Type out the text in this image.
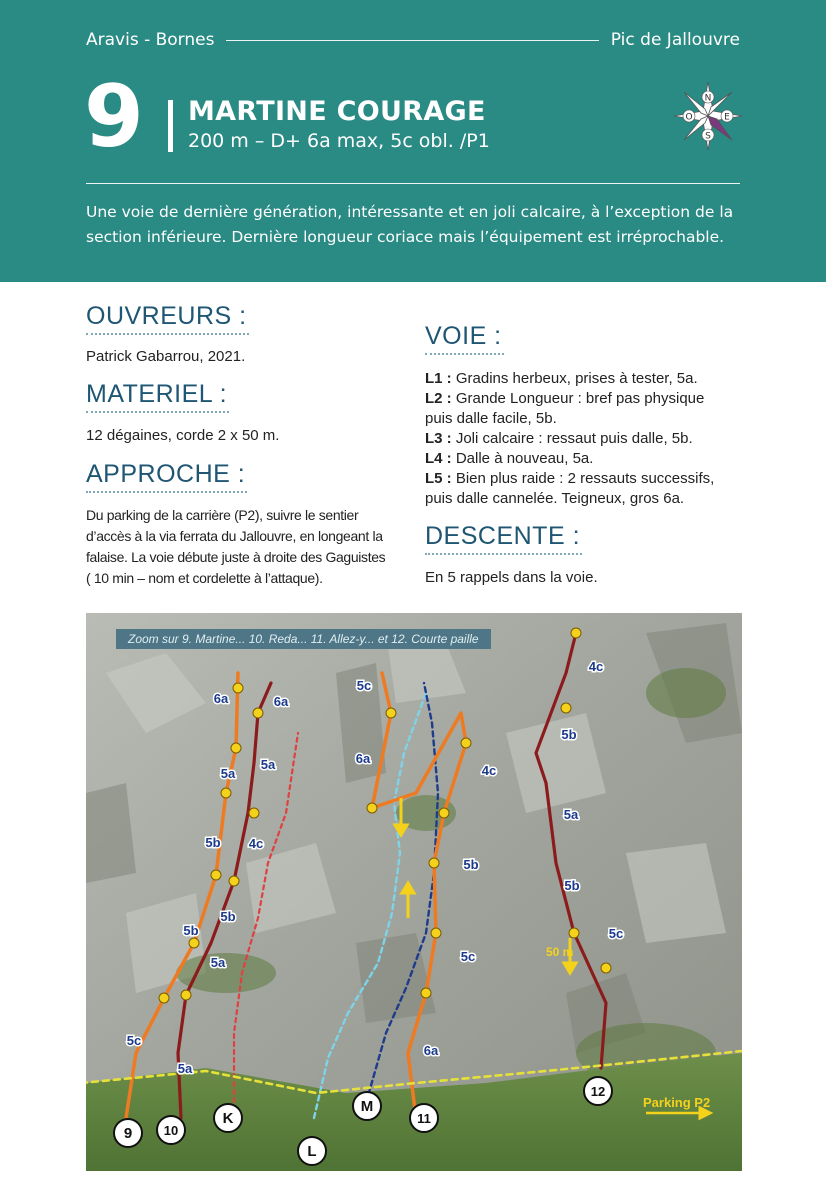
Aravis - Bornes	Pic de Jallouvre
9 MARTINE COURAGE
200 m – D+ 6a max, 5c obl. /P1
N
O	E
S
Une voie de dernière génération, intéressante et en joli calcaire, à l’exception de la section inférieure. Dernière longueur coriace mais l’équipement est irréprochable.
OUVREURS :
Patrick Gabarrou, 2021.
MATERIEL :
12 dégaines, corde 2 x 50 m.
APPROCHE :
Du parking de la carrière (P2), suivre le sentier
d’accès à la via ferrata du Jallouvre, en longeant la
falaise. La voie débute juste à droite des Gaguistes
( 10 min – nom et cordelette à l’attaque).
VOIE :
L1 : Gradins herbeux, prises à tester, 5a.
L2 : Grande Longueur : bref pas physique
puis dalle facile, 5b.
L3 : Joli calcaire : ressaut puis dalle, 5b.
L4 : Dalle à nouveau, 5a.
L5 : Bien plus raide : 2 ressauts successifs,
puis dalle cannelée. Teigneux, gros 6a.
DESCENTE :
En 5 rappels dans la voie.
50 m
Parking P2
6a	6a
5a
5a
5b 4c
5b
5b
5a
5c
5a
5c
6a
4c
5a
5b
5c
6a
4c
5b
5b
5c
9 10
K
L
M
11
12
Zoom sur 9. Martine... 10. Reda... 11. Allez-y... et 12. Courte paille
